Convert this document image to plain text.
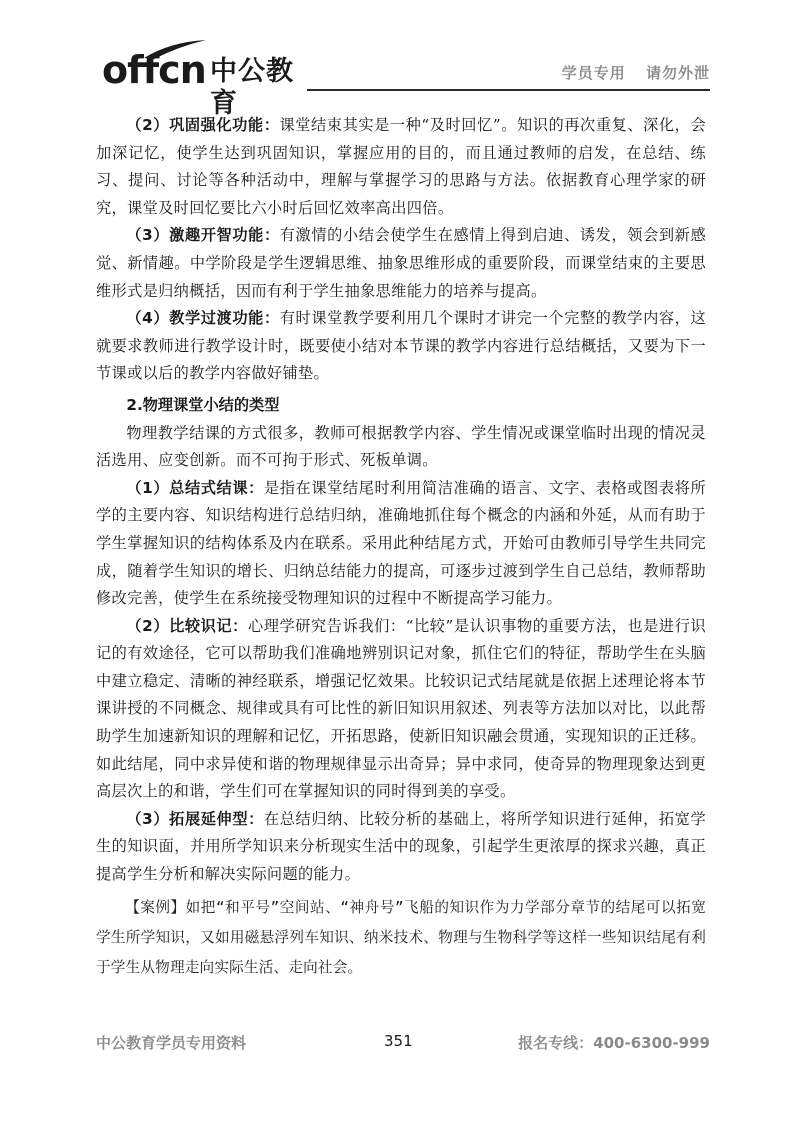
offcn 中公教育
学员专用 请勿外泄

（2）巩固强化功能：课堂结束其实是一种“及时回忆”。知识的再次重复、深化，会加深记忆，使学生达到巩固知识，掌握应用的目的，而且通过教师的启发，在总结、练习、提问、讨论等各种活动中，理解与掌握学习的思路与方法。依据教育心理学家的研究，课堂及时回忆要比六小时后回忆效率高出四倍。

（3）激趣开智功能：有激情的小结会使学生在感情上得到启迪、诱发，领会到新感觉、新情趣。中学阶段是学生逻辑思维、抽象思维形成的重要阶段，而课堂结束的主要思维形式是归纳概括，因而有利于学生抽象思维能力的培养与提高。

（4）教学过渡功能：有时课堂教学要利用几个课时才讲完一个完整的教学内容，这就要求教师进行教学设计时，既要使小结对本节课的教学内容进行总结概括，又要为下一节课或以后的教学内容做好铺垫。

2.物理课堂小结的类型

物理教学结课的方式很多，教师可根据教学内容、学生情况或课堂临时出现的情况灵活选用、应变创新。而不可拘于形式、死板单调。

（1）总结式结课：是指在课堂结尾时利用简洁准确的语言、文字、表格或图表将所学的主要内容、知识结构进行总结归纳，准确地抓住每个概念的内涵和外延，从而有助于学生掌握知识的结构体系及内在联系。采用此种结尾方式，开始可由教师引导学生共同完成，随着学生知识的增长、归纳总结能力的提高，可逐步过渡到学生自己总结，教师帮助修改完善，使学生在系统接受物理知识的过程中不断提高学习能力。

（2）比较识记：心理学研究告诉我们：“比较”是认识事物的重要方法，也是进行识记的有效途径，它可以帮助我们准确地辨别识记对象，抓住它们的特征，帮助学生在头脑中建立稳定、清晰的神经联系，增强记忆效果。比较识记式结尾就是依据上述理论将本节课讲授的不同概念、规律或具有可比性的新旧知识用叙述、列表等方法加以对比，以此帮助学生加速新知识的理解和记忆，开拓思路，使新旧知识融会贯通，实现知识的正迁移。如此结尾，同中求异使和谐的物理规律显示出奇异；异中求同，使奇异的物理现象达到更高层次上的和谐，学生们可在掌握知识的同时得到美的享受。

（3）拓展延伸型：在总结归纳、比较分析的基础上，将所学知识进行延伸，拓宽学生的知识面，并用所学知识来分析现实生活中的现象，引起学生更浓厚的探求兴趣，真正提高学生分析和解决实际问题的能力。

【案例】如把“和平号”空间站、“神舟号”飞船的知识作为力学部分章节的结尾可以拓宽学生所学知识，又如用磁悬浮列车知识、纳米技术、物理与生物科学等这样一些知识结尾有利于学生从物理走向实际生活、走向社会。

中公教育学员专用资料	351	报名专线：400-6300-999
